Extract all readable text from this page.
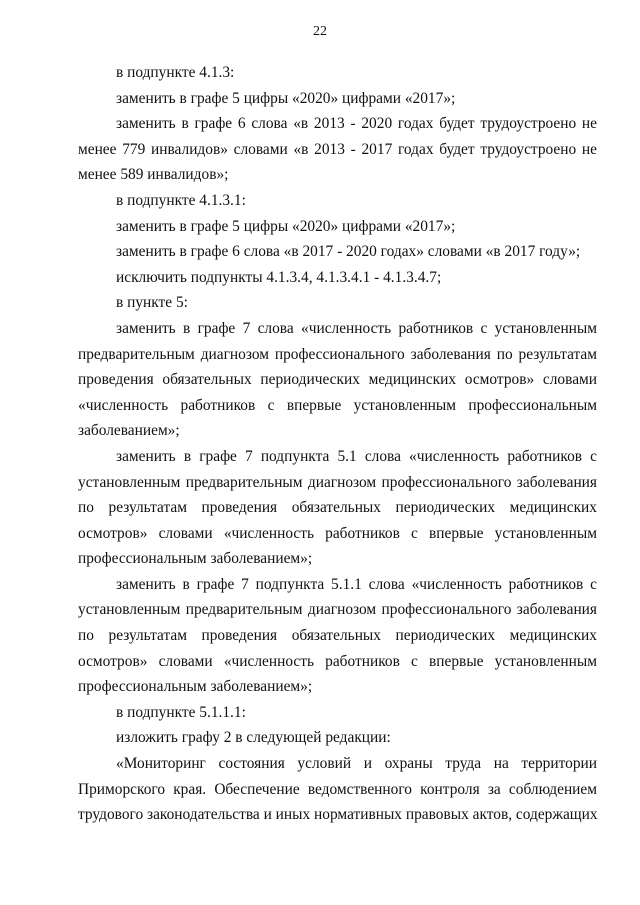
22
в подпункте 4.1.3:
заменить в графе 5 цифры «2020» цифрами «2017»;
заменить в графе 6 слова «в 2013 - 2020 годах будет трудоустроено не
менее 779 инвалидов» словами «в 2013 - 2017 годах будет трудоустроено не
менее 589 инвалидов»;
в подпункте 4.1.3.1:
заменить в графе 5 цифры «2020» цифрами «2017»;
заменить в графе 6 слова «в 2017 - 2020 годах» словами «в 2017 году»;
исключить подпункты 4.1.3.4, 4.1.3.4.1 - 4.1.3.4.7;
в пункте 5:
заменить в графе 7 слова «численность работников с установленным
предварительным диагнозом профессионального заболевания по результатам
проведения обязательных периодических медицинских осмотров» словами
«численность работников с впервые установленным профессиональным
заболеванием»;
заменить в графе 7 подпункта 5.1 слова «численность работников с
установленным предварительным диагнозом профессионального заболевания
по результатам проведения обязательных периодических медицинских
осмотров» словами «численность работников с впервые установленным
профессиональным заболеванием»;
заменить в графе 7 подпункта 5.1.1 слова «численность работников с
установленным предварительным диагнозом профессионального заболевания
по результатам проведения обязательных периодических медицинских
осмотров» словами «численность работников с впервые установленным
профессиональным заболеванием»;
в подпункте 5.1.1.1:
изложить графу 2 в следующей редакции:
«Мониторинг состояния условий и охраны труда на территории
Приморского края. Обеспечение ведомственного контроля за соблюдением
трудового законодательства и иных нормативных правовых актов, содержащих
